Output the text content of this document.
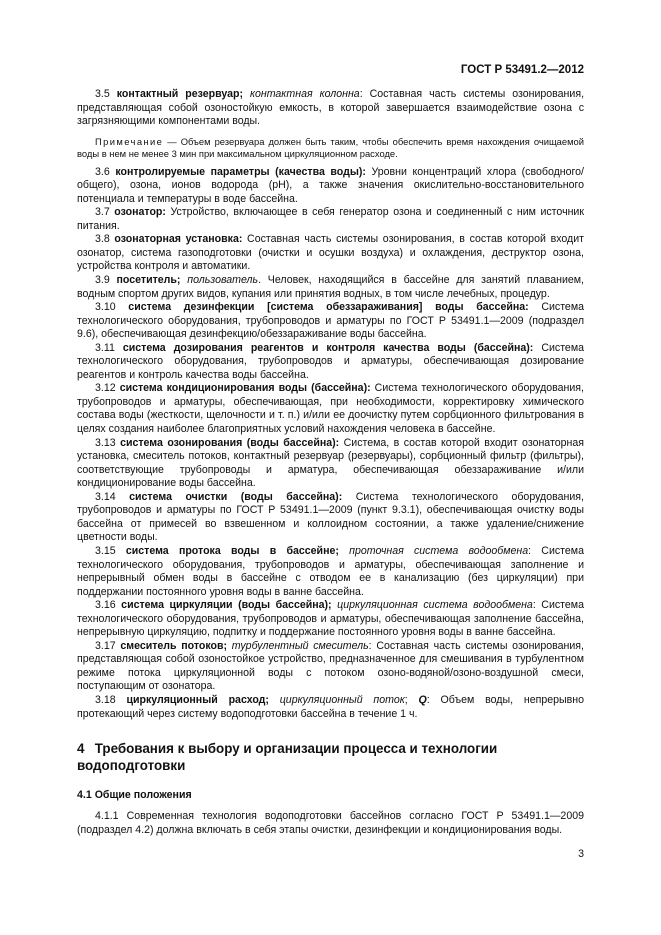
ГОСТ Р 53491.2—2012

3.5 контактный резервуар; контактная колонна: Составная часть системы озонирования, представляющая собой озоностойкую емкость, в которой завершается взаимодействие озона с загрязняющими компонентами воды.

Примечание — Объем резервуара должен быть таким, чтобы обеспечить время нахождения очищаемой воды в нем не менее 3 мин при максимальном циркуляционном расходе.

3.6 контролируемые параметры (качества воды): Уровни концентраций хлора (свободного/общего), озона, ионов водорода (pH), а также значения окислительно-восстановительного потенциала и температуры в воде бассейна.

3.7 озонатор: Устройство, включающее в себя генератор озона и соединенный с ним источник питания.

3.8 озонаторная установка: Составная часть системы озонирования, в состав которой входит озонатор, система газоподготовки (очистки и осушки воздуха) и охлаждения, деструктор озона, устройства контроля и автоматики.

3.9 посетитель; пользователь. Человек, находящийся в бассейне для занятий плаванием, водным спортом других видов, купания или принятия водных, в том числе лечебных, процедур.

3.10 система дезинфекции [система обеззараживания] воды бассейна: Система технологического оборудования, трубопроводов и арматуры по ГОСТ Р 53491.1—2009 (подраздел 9.6), обеспечивающая дезинфекцию/обеззараживание воды бассейна.

3.11 система дозирования реагентов и контроля качества воды (бассейна): Система технологического оборудования, трубопроводов и арматуры, обеспечивающая дозирование реагентов и контроль качества воды бассейна.

3.12 система кондиционирования воды (бассейна): Система технологического оборудования, трубопроводов и арматуры, обеспечивающая, при необходимости, корректировку химического состава воды (жесткости, щелочности и т. п.) и/или ее доочистку путем сорбционного фильтрования в целях создания наиболее благоприятных условий нахождения человека в бассейне.

3.13 система озонирования (воды бассейна): Система, в состав которой входит озонаторная установка, смеситель потоков, контактный резервуар (резервуары), сорбционный фильтр (фильтры), соответствующие трубопроводы и арматура, обеспечивающая обеззараживание и/или кондиционирование воды бассейна.

3.14 система очистки (воды бассейна): Система технологического оборудования, трубопроводов и арматуры по ГОСТ Р 53491.1—2009 (пункт 9.3.1), обеспечивающая очистку воды бассейна от примесей во взвешенном и коллоидном состоянии, а также удаление/снижение цветности воды.

3.15 система протока воды в бассейне; проточная система водообмена: Система технологического оборудования, трубопроводов и арматуры, обеспечивающая заполнение и непрерывный обмен воды в бассейне с отводом ее в канализацию (без циркуляции) при поддержании постоянного уровня воды в ванне бассейна.

3.16 система циркуляции (воды бассейна); циркуляционная система водообмена: Система технологического оборудования, трубопроводов и арматуры, обеспечивающая заполнение бассейна, непрерывную циркуляцию, подпитку и поддержание постоянного уровня воды в ванне бассейна.

3.17 смеситель потоков; турбулентный смеситель: Составная часть системы озонирования, представляющая собой озоностойкое устройство, предназначенное для смешивания в турбулентном режиме потока циркуляционной воды с потоком озоно-водяной/озоно-воздушной смеси, поступающим от озонатора.

3.18 циркуляционный расход; циркуляционный поток; Q: Объем воды, непрерывно протекающий через систему водоподготовки бассейна в течение 1 ч.

4 Требования к выбору и организации процесса и технологии водоподготовки
4.1 Общие положения

4.1.1 Современная технология водоподготовки бассейнов согласно ГОСТ Р 53491.1—2009 (подраздел 4.2) должна включать в себя этапы очистки, дезинфекции и кондиционирования воды.

3
